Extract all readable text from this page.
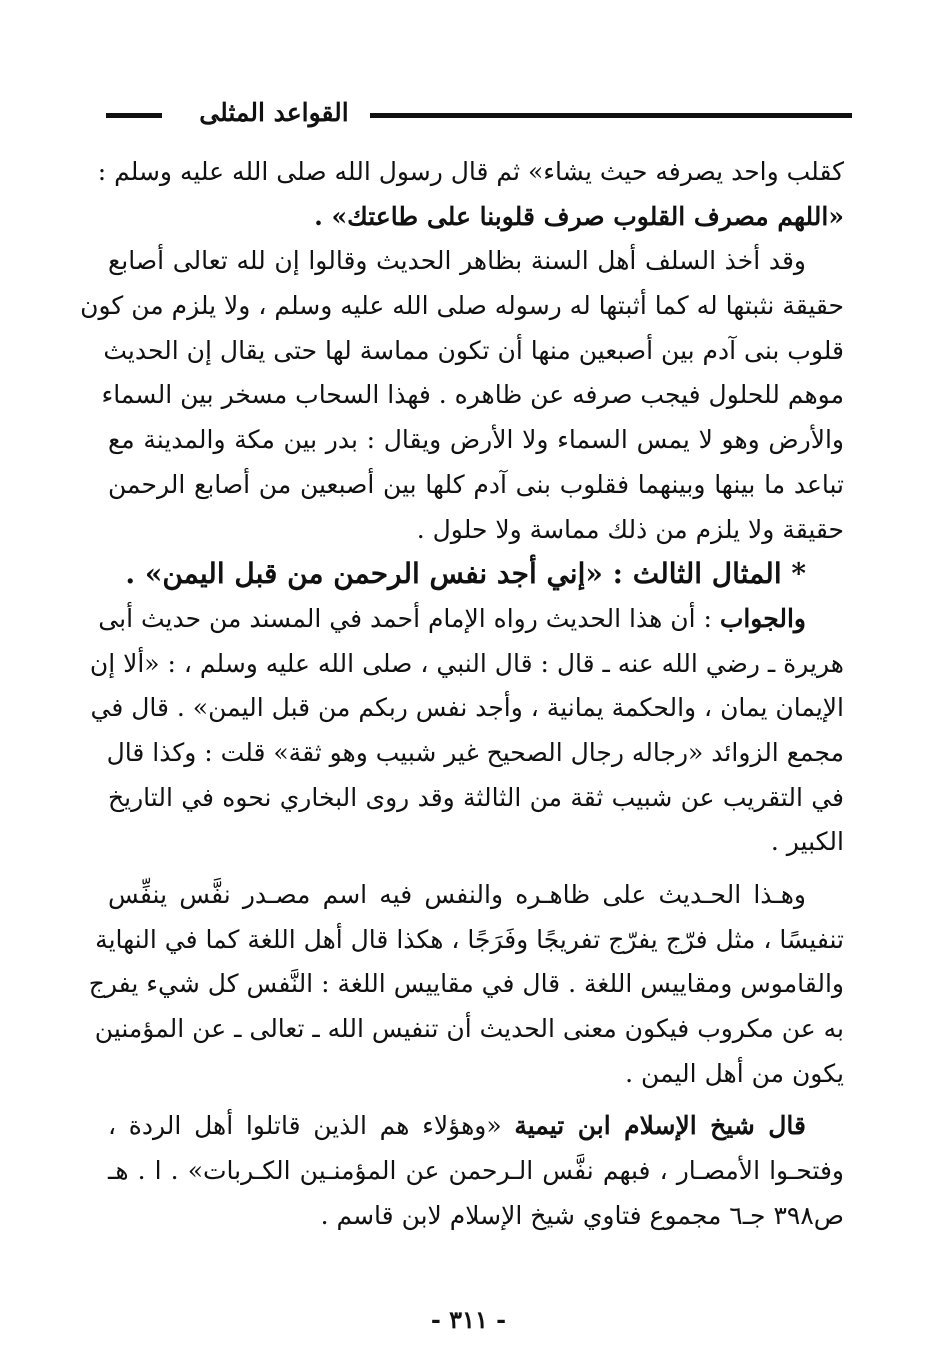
القواعد المثلى
كقلب واحد يصرفه حيث يشاء» ثم قال رسول الله صلى الله عليه وسلم :
«اللهم مصرف القلوب صرف قلوبنا على طاعتك» .
وقد أخذ السلف أهل السنة بظاهر الحديث وقالوا إن لله تعالى أصابع
حقيقة نثبتها له كما أثبتها له رسوله صلى الله عليه وسلم ، ولا يلزم من كون
قلوب بنى آدم بين أصبعين منها أن تكون مماسة لها حتى يقال إن الحديث
موهم للحلول فيجب صرفه عن ظاهره . فهذا السحاب مسخر بين السماء
والأرض وهو لا يمس السماء ولا الأرض ويقال : بدر بين مكة والمدينة مع
تباعد ما بينها وبينهما فقلوب بنى آدم كلها بين أصبعين من أصابع الرحمن
حقيقة ولا يلزم من ذلك مماسة ولا حلول .
* المثال الثالث : «إني أجد نفس الرحمن من قبل اليمن» .
والجواب : أن هذا الحديث رواه الإمام أحمد في المسند من حديث أبى
هريرة ـ رضي الله عنه ـ قال : قال النبي ، صلى الله عليه وسلم ، : «ألا إن
الإيمان يمان ، والحكمة يمانية ، وأجد نفس ربكم من قبل اليمن» . قال في
مجمع الزوائد «رجاله رجال الصحيح غير شبيب وهو ثقة» قلت : وكذا قال
في التقريب عن شبيب ثقة من الثالثة وقد روى البخاري نحوه في التاريخ
الكبير .
وهـذا الحـديث على ظاهـره والنفس فيه اسم مصـدر نفَّس ينفِّس
تنفيسًا ، مثل فرّج يفرّج تفريجًا وفَرَجًا ، هكذا قال أهل اللغة كما في النهاية
والقاموس ومقاييس اللغة . قال في مقاييس اللغة : النَّفس كل شيء يفرج
به عن مكروب فيكون معنى الحديث أن تنفيس الله ـ تعالى ـ عن المؤمنين
يكون من أهل اليمن .
قال شيخ الإسلام ابن تيمية «وهؤلاء هم الذين قاتلوا أهل الردة ،
وفتحـوا الأمصـار ، فبهم نفَّس الـرحمن عن المؤمنـين الكـربات» . ا . هـ
ص٣٩٨ جـ٦ مجموع فتاوي شيخ الإسلام لابن قاسم .
- ٣١١ -
